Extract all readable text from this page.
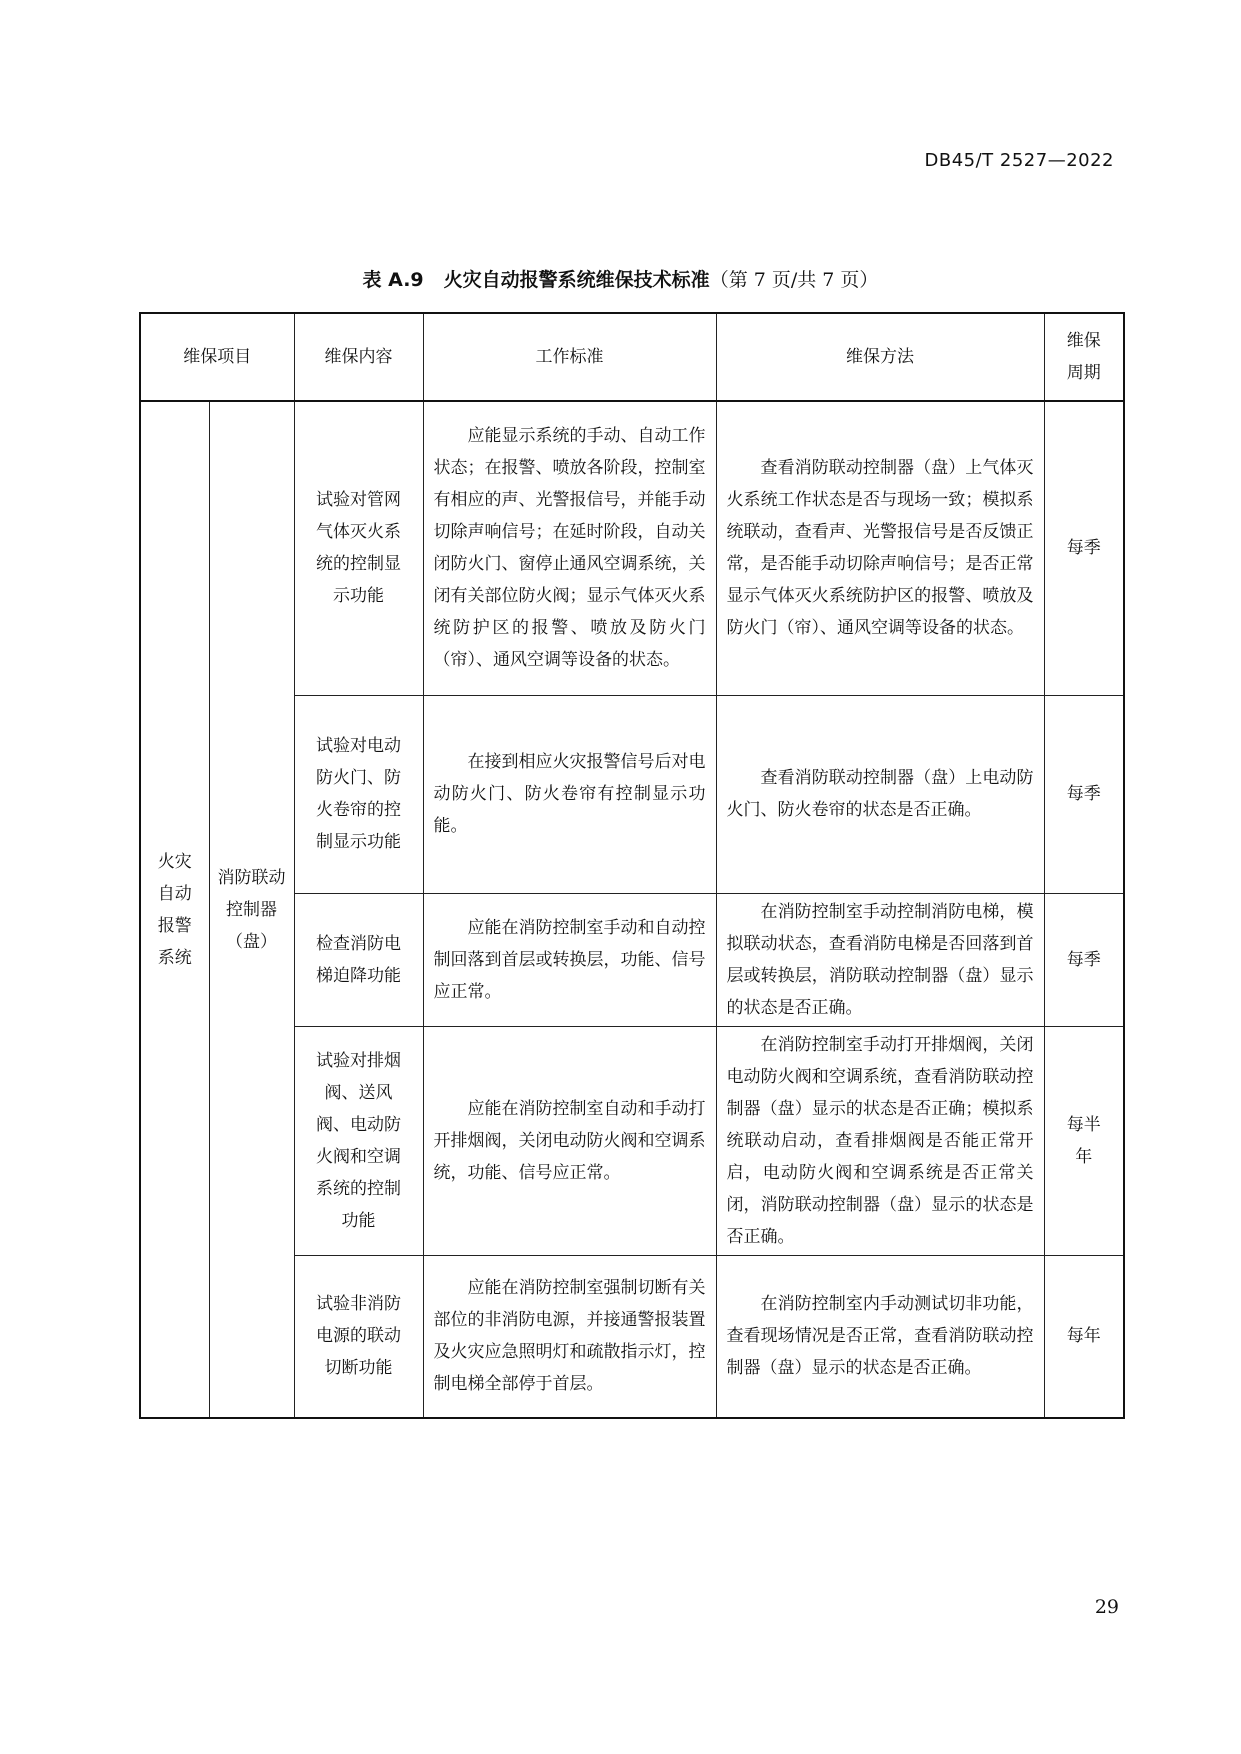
DB45/T 2527—2022
表 A.9 火灾自动报警系统维保技术标准（第 7 页/共 7 页）
维保项目		维保内容	工作标准	维保方法	维保周期
火灾自动报警系统	消防联动控制器（盘）	试验对管网气体灭火系统的控制显示功能	应能显示系统的手动、自动工作状态；在报警、喷放各阶段，控制室有相应的声、光警报信号，并能手动切除声响信号；在延时阶段，自动关闭防火门、窗停止通风空调系统，关闭有关部位防火阀；显示气体灭火系统防护区的报警、喷放及防火门（帘）、通风空调等设备的状态。	查看消防联动控制器（盘）上气体灭火系统工作状态是否与现场一致；模拟系统联动，查看声、光警报信号是否反馈正常，是否能手动切除声响信号；是否正常显示气体灭火系统防护区的报警、喷放及防火门（帘）、通风空调等设备的状态。	每季
		试验对电动防火门、防火卷帘的控制显示功能	在接到相应火灾报警信号后对电动防火门、防火卷帘有控制显示功能。	查看消防联动控制器（盘）上电动防火门、防火卷帘的状态是否正确。	每季
		检查消防电梯迫降功能	应能在消防控制室手动和自动控制回落到首层或转换层，功能、信号应正常。	在消防控制室手动控制消防电梯，模拟联动状态，查看消防电梯是否回落到首层或转换层，消防联动控制器（盘）显示的状态是否正确。	每季
		试验对排烟阀、送风阀、电动防火阀和空调系统的控制功能	应能在消防控制室自动和手动打开排烟阀，关闭电动防火阀和空调系统，功能、信号应正常。	在消防控制室手动打开排烟阀，关闭电动防火阀和空调系统，查看消防联动控制器（盘）显示的状态是否正确；模拟系统联动启动，查看排烟阀是否能正常开启，电动防火阀和空调系统是否正常关闭，消防联动控制器（盘）显示的状态是否正确。	每半年
		试验非消防电源的联动切断功能	应能在消防控制室强制切断有关部位的非消防电源，并接通警报装置及火灾应急照明灯和疏散指示灯，控制电梯全部停于首层。	在消防控制室内手动测试切非功能，查看现场情况是否正常，查看消防联动控制器（盘）显示的状态是否正确。	每年
29
